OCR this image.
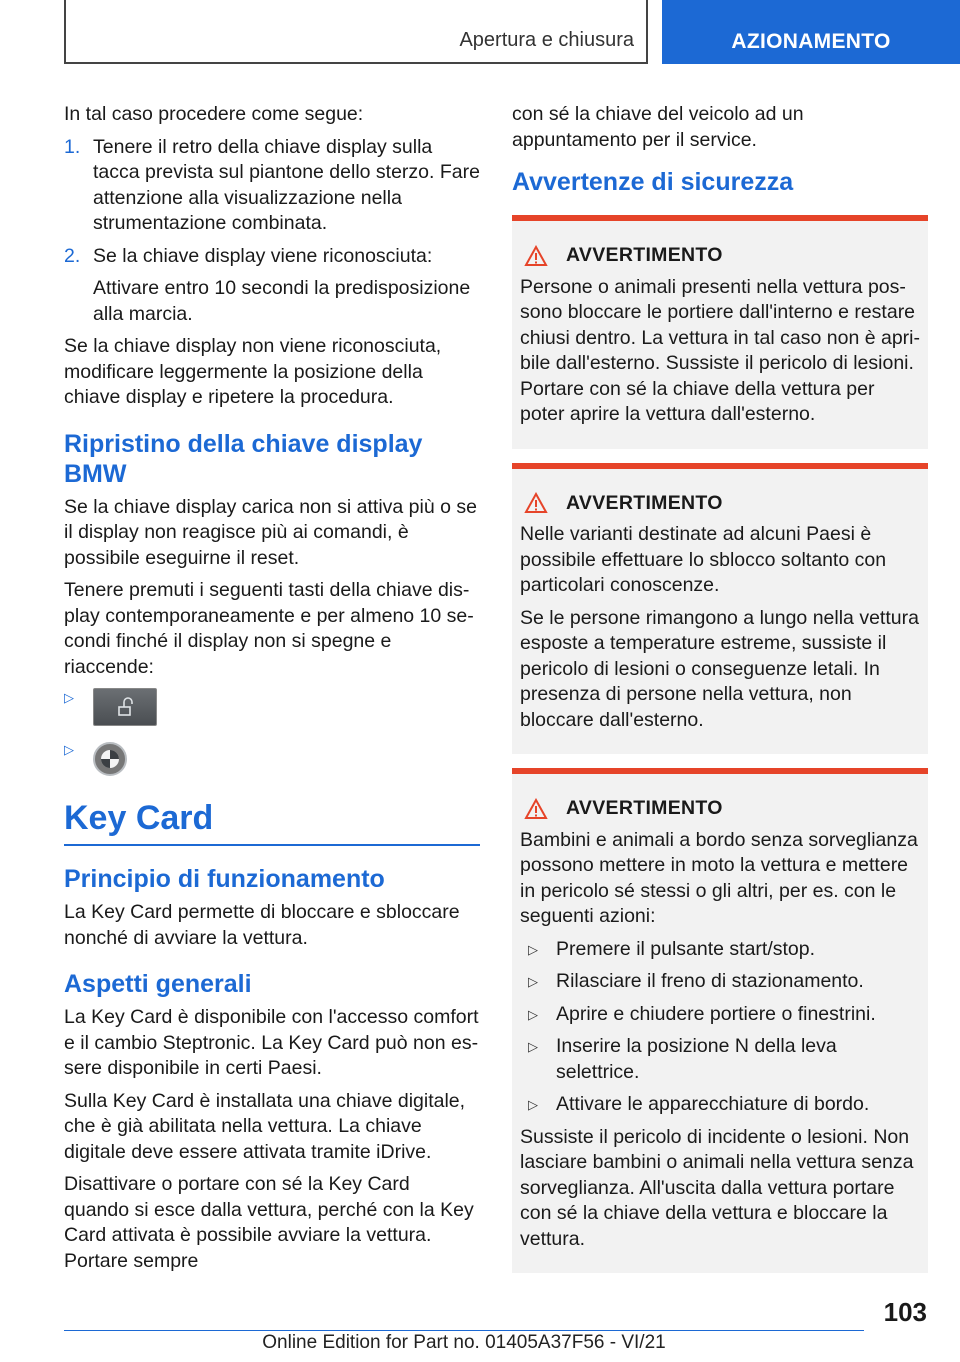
Apertura e chiusura	AZIONAMENTO

In tal caso procedere come segue:

1. Tenere il retro della chiave display sulla tacca prevista sul piantone dello sterzo. Fare attenzione alla visualizzazione nella strumentazione combinata.
2. Se la chiave display viene riconosciuta:

Attivare entro 10 secondi la predisposizione alla marcia.

Se la chiave display non viene riconosciuta, modificare leggermente la posizione della chiave display e ripetere la procedura.

Ripristino della chiave display BMW

Se la chiave display carica non si attiva più o se il display non reagisce più ai comandi, è possibile eseguirne il reset.

Tenere premuti i seguenti tasti della chiave display contemporaneamente e per almeno 10 secondi finché il display non si spegne e riaccende:

▷
▷
Key Card
Principio di funzionamento

La Key Card permette di bloccare e sbloccare nonché di avviare la vettura.

Aspetti generali

La Key Card è disponibile con l'accesso comfort e il cambio Steptronic. La Key Card può non essere disponibile in certi Paesi.

Sulla Key Card è installata una chiave digitale, che è già abilitata nella vettura. La chiave digitale deve essere attivata tramite iDrive.

Disattivare o portare con sé la Key Card quando si esce dalla vettura, perché con la Key Card attivata è possibile avviare la vettura. Portare sempre

con sé la chiave del veicolo ad un appuntamento per il service.

Avvertenze di sicurezza
AVVERTIMENTO

Persone o animali presenti nella vettura possono bloccare le portiere dall'interno e restare chiusi dentro. La vettura in tal caso non è apribile dall'esterno. Sussiste il pericolo di lesioni. Portare con sé la chiave della vettura per poter aprire la vettura dall'esterno.

AVVERTIMENTO

Nelle varianti destinate ad alcuni Paesi è possibile effettuare lo sblocco soltanto con particolari conoscenze.

Se le persone rimangono a lungo nella vettura esposte a temperature estreme, sussiste il pericolo di lesioni o conseguenze letali. In presenza di persone nella vettura, non bloccare dall'esterno.

AVVERTIMENTO

Bambini e animali a bordo senza sorveglianza possono mettere in moto la vettura e mettere in pericolo sé stessi o gli altri, per es. con le seguenti azioni:

▷ Premere il pulsante start/stop.
▷ Rilasciare il freno di stazionamento.
▷ Aprire e chiudere portiere o finestrini.
▷ Inserire la posizione N della leva selettrice.
▷ Attivare le apparecchiature di bordo.

Sussiste il pericolo di incidente o lesioni. Non lasciare bambini o animali nella vettura senza sorveglianza. All'uscita dalla vettura portare con sé la chiave della vettura e bloccare la vettura.

103
Online Edition for Part no. 01405A37F56 - VI/21
